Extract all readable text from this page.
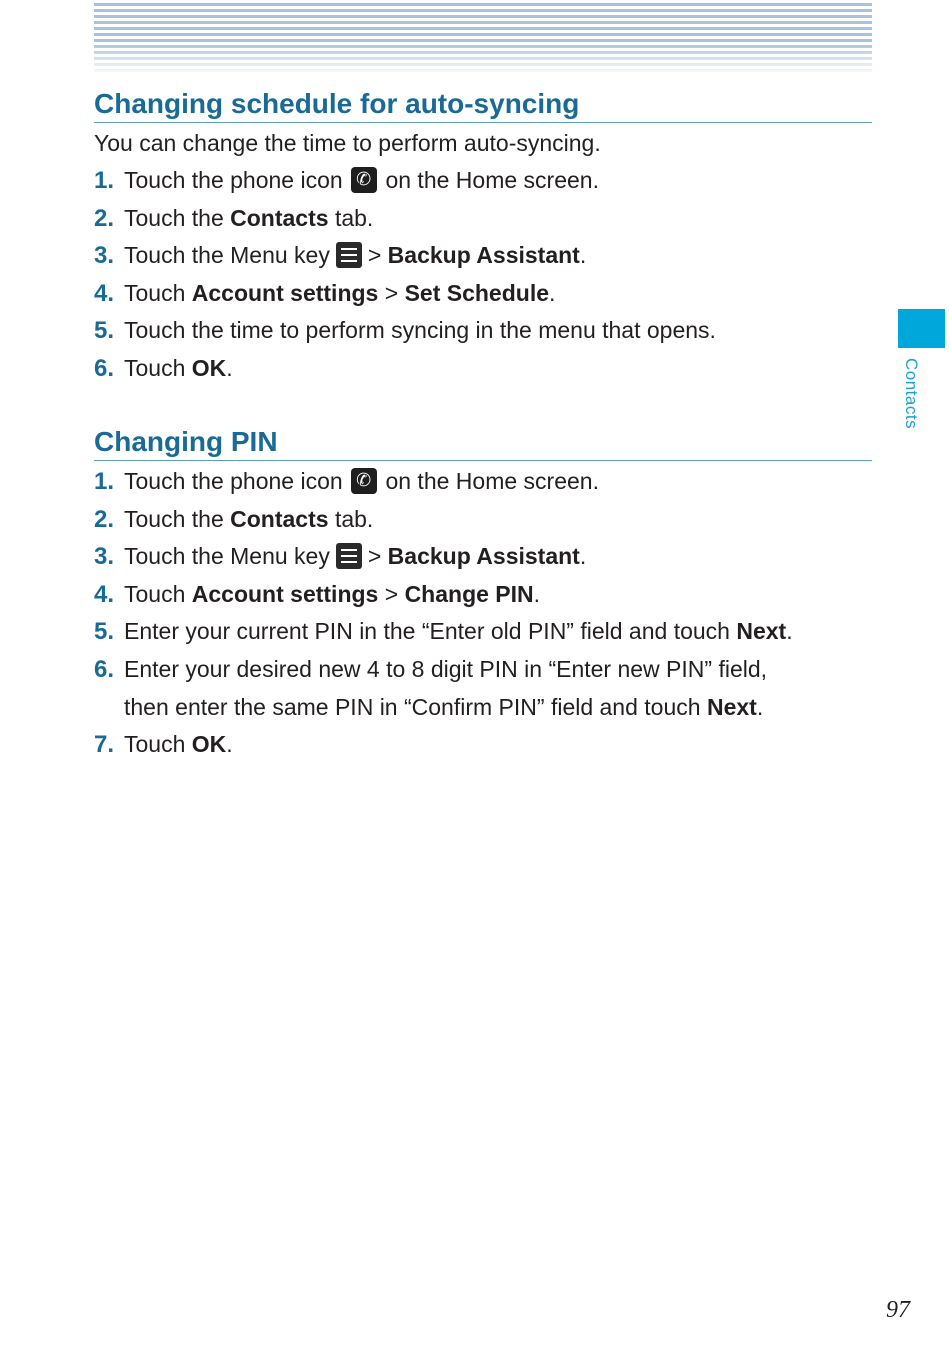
Changing schedule for auto-syncing
You can change the time to perform auto-syncing.
1. Touch the phone icon ✆ on the Home screen.
2. Touch the Contacts tab.
3. Touch the Menu key > Backup Assistant.
4. Touch Account settings > Set Schedule.
5. Touch the time to perform syncing in the menu that opens.
6. Touch OK.
Changing PIN
1. Touch the phone icon ✆ on the Home screen.
2. Touch the Contacts tab.
3. Touch the Menu key > Backup Assistant.
4. Touch Account settings > Change PIN.
5. Enter your current PIN in the “Enter old PIN” field and touch Next.
6. Enter your desired new 4 to 8 digit PIN in “Enter new PIN” field,
then enter the same PIN in “Confirm PIN” field and touch Next.
7. Touch OK.
Contacts
97
